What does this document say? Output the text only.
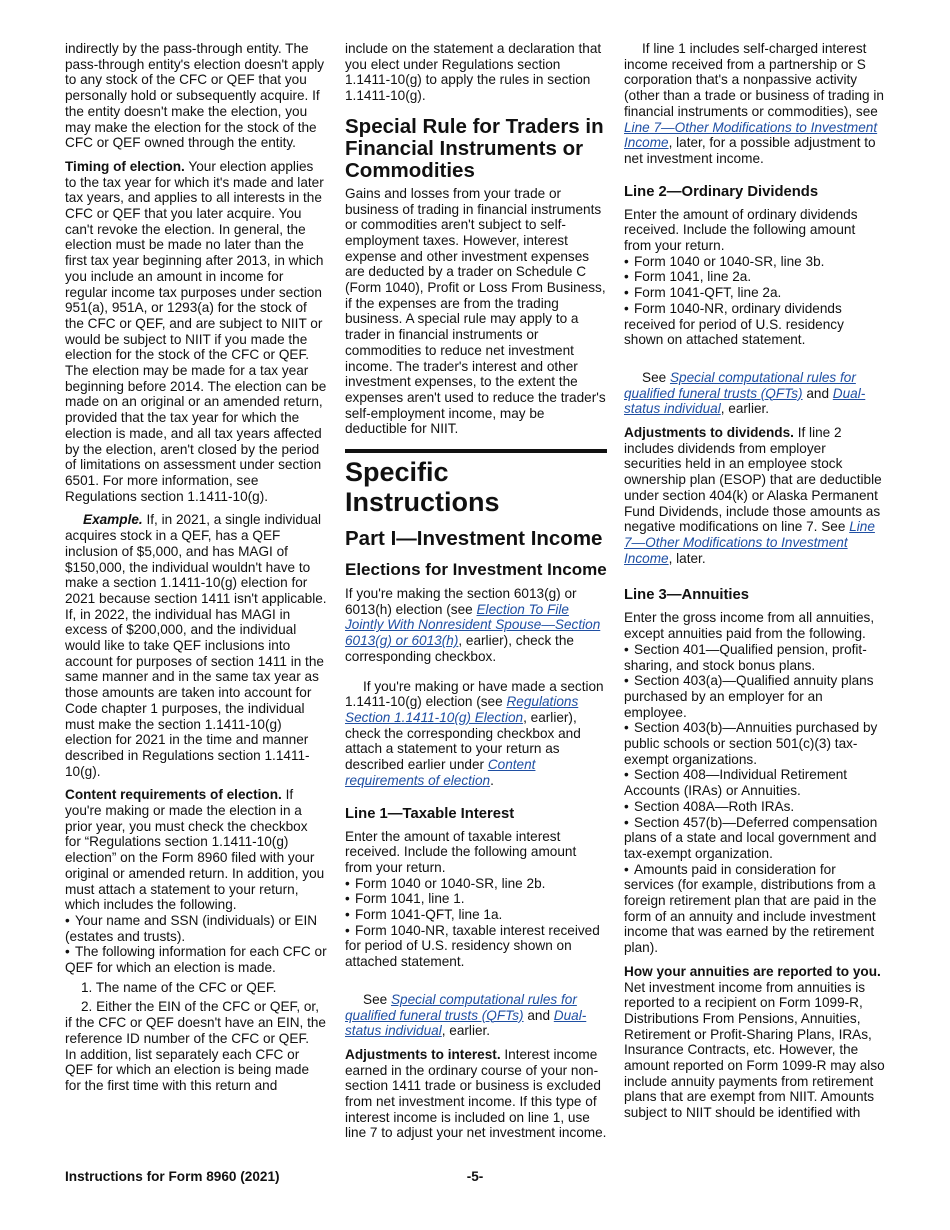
indirectly by the pass-through entity. The pass-through entity's election doesn't apply to any stock of the CFC or QEF that you personally hold or subsequently acquire. If the entity doesn't make the election, you may make the election for the stock of the CFC or QEF owned through the entity.

Timing of election. Your election applies to the tax year for which it's made and later tax years, and applies to all interests in the CFC or QEF that you later acquire. You can't revoke the election. In general, the election must be made no later than the first tax year beginning after 2013, in which you include an amount in income for regular income tax purposes under section 951(a), 951A, or 1293(a) for the stock of the CFC or QEF, and are subject to NIIT or would be subject to NIIT if you made the election for the stock of the CFC or QEF. The election may be made for a tax year beginning before 2014. The election can be made on an original or an amended return, provided that the tax year for which the election is made, and all tax years affected by the election, aren't closed by the period of limitations on assessment under section 6501. For more information, see Regulations section 1.1411-10(g).

Example. If, in 2021, a single individual acquires stock in a QEF, has a QEF inclusion of $5,000, and has MAGI of $150,000, the individual wouldn't have to make a section 1.1411-10(g) election for 2021 because section 1411 isn't applicable. If, in 2022, the individual has MAGI in excess of $200,000, and the individual would like to take QEF inclusions into account for purposes of section 1411 in the same manner and in the same tax year as those amounts are taken into account for Code chapter 1 purposes, the individual must make the section 1.1411-10(g) election for 2021 in the time and manner described in Regulations section 1.1411-10(g).

Content requirements of election. If you're making or made the election in a prior year, you must check the checkbox for “Regulations section 1.1411-10(g) election” on the Form 8960 filed with your original or amended return. In addition, you must attach a statement to your return, which includes the following.

• Your name and SSN (individuals) or EIN (estates and trusts).
• The following information for each CFC or QEF for which an election is made.
1. The name of the CFC or QEF.
2. Either the EIN of the CFC or QEF, or, if the CFC or QEF doesn't have an EIN, the reference ID number of the CFC or QEF.

In addition, list separately each CFC or QEF for which an election is being made for the first time with this return and

include on the statement a declaration that you elect under Regulations section 1.1411-10(g) to apply the rules in section 1.1411-10(g).

Special Rule for Traders in Financial Instruments or Commodities

Gains and losses from your trade or business of trading in financial instruments or commodities aren't subject to self-employment taxes. However, interest expense and other investment expenses are deducted by a trader on Schedule C (Form 1040), Profit or Loss From Business, if the expenses are from the trading business. A special rule may apply to a trader in financial instruments or commodities to reduce net investment income. The trader's interest and other investment expenses, to the extent the expenses aren't used to reduce the trader's self-employment income, may be deductible for NIIT.

Specific Instructions
Part I—Investment Income
Elections for Investment Income

If you're making the section 6013(g) or 6013(h) election (see Election To File Jointly With Nonresident Spouse—Section 6013(g) or 6013(h), earlier), check the corresponding checkbox.

If you're making or have made a section 1.1411-10(g) election (see Regulations Section 1.1411-10(g) Election, earlier), check the corresponding checkbox and attach a statement to your return as described earlier under Content requirements of election.

Line 1—Taxable Interest

Enter the amount of taxable interest received. Include the following amount from your return.

• Form 1040 or 1040-SR, line 2b.
• Form 1041, line 1.
• Form 1041-QFT, line 1a.
• Form 1040-NR, taxable interest received for period of U.S. residency shown on attached statement.

See Special computational rules for qualified funeral trusts (QFTs) and Dual-status individual, earlier.

Adjustments to interest. Interest income earned in the ordinary course of your non-section 1411 trade or business is excluded from net investment income. If this type of interest income is included on line 1, use line 7 to adjust your net investment income.

If line 1 includes self-charged interest income received from a partnership or S corporation that's a nonpassive activity (other than a trade or business of trading in financial instruments or commodities), see Line 7—Other Modifications to Investment Income, later, for a possible adjustment to net investment income.

Line 2—Ordinary Dividends

Enter the amount of ordinary dividends received. Include the following amount from your return.

• Form 1040 or 1040-SR, line 3b.
• Form 1041, line 2a.
• Form 1041-QFT, line 2a.
• Form 1040-NR, ordinary dividends received for period of U.S. residency shown on attached statement.

See Special computational rules for qualified funeral trusts (QFTs) and Dual-status individual, earlier.

Adjustments to dividends. If line 2 includes dividends from employer securities held in an employee stock ownership plan (ESOP) that are deductible under section 404(k) or Alaska Permanent Fund Dividends, include those amounts as negative modifications on line 7. See Line 7—Other Modifications to Investment Income, later.

Line 3—Annuities

Enter the gross income from all annuities, except annuities paid from the following.

• Section 401—Qualified pension, profit-sharing, and stock bonus plans.
• Section 403(a)—Qualified annuity plans purchased by an employer for an employee.
• Section 403(b)—Annuities purchased by public schools or section 501(c)(3) tax-exempt organizations.
• Section 408—Individual Retirement Accounts (IRAs) or Annuities.
• Section 408A—Roth IRAs.
• Section 457(b)—Deferred compensation plans of a state and local government and tax-exempt organization.
• Amounts paid in consideration for services (for example, distributions from a foreign retirement plan that are paid in the form of an annuity and include investment income that was earned by the retirement plan).

How your annuities are reported to you. Net investment income from annuities is reported to a recipient on Form 1099-R, Distributions From Pensions, Annuities, Retirement or Profit-Sharing Plans, IRAs, Insurance Contracts, etc. However, the amount reported on Form 1099-R may also include annuity payments from retirement plans that are exempt from NIIT. Amounts subject to NIIT should be identified with

Instructions for Form 8960 (2021)	-5-
